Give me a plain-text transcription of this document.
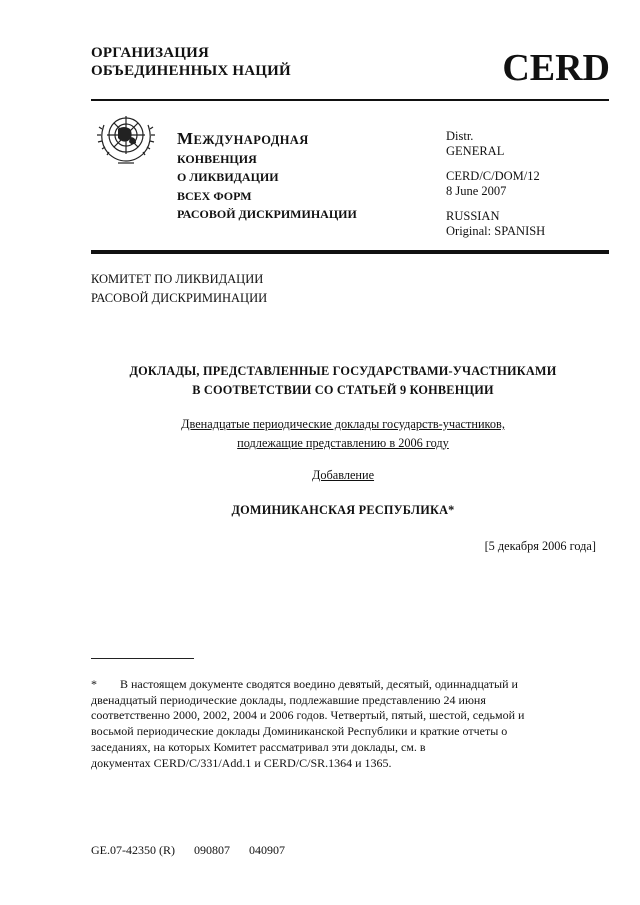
ОРГАНИЗАЦИЯ
ОБЪЕДИНЕННЫХ НАЦИЙ	CERD
МЕЖДУНАРОДНАЯ
КОНВЕНЦИЯ
О ЛИКВИДАЦИИ
ВСЕХ ФОРМ
РАСОВОЙ ДИСКРИМИНАЦИИ
Distr.
GENERAL
CERD/C/DOM/12
8 June 2007
RUSSIAN
Original: SPANISH
КОМИТЕТ ПО ЛИКВИДАЦИИ
РАСОВОЙ ДИСКРИМИНАЦИИ
ДОКЛАДЫ, ПРЕДСТАВЛЕННЫЕ ГОСУДАРСТВАМИ-УЧАСТНИКАМИ
В СООТВЕТСТВИИ СО СТАТЬЕЙ 9 КОНВЕНЦИИ
Двенадцатые периодические доклады государств-участников,
подлежащие представлению в 2006 году
Добавление
ДОМИНИКАНСКАЯ РЕСПУБЛИКА*
[5 декабря 2006 года]
* В настоящем документе сводятся воедино девятый, десятый, одиннадцатый и
двенадцатый периодические доклады, подлежавшие представлению 24 июня
соответственно 2000, 2002, 2004 и 2006 годов. Четвертый, пятый, шестой, седьмой и
восьмой периодические доклады Доминиканской Республики и краткие отчеты о
заседаниях, на которых Комитет рассматривал эти доклады, см. в
документах CERD/C/331/Add.1 и CERD/C/SR.1364 и 1365.
GE.07-42350 (R) 090807 040907
